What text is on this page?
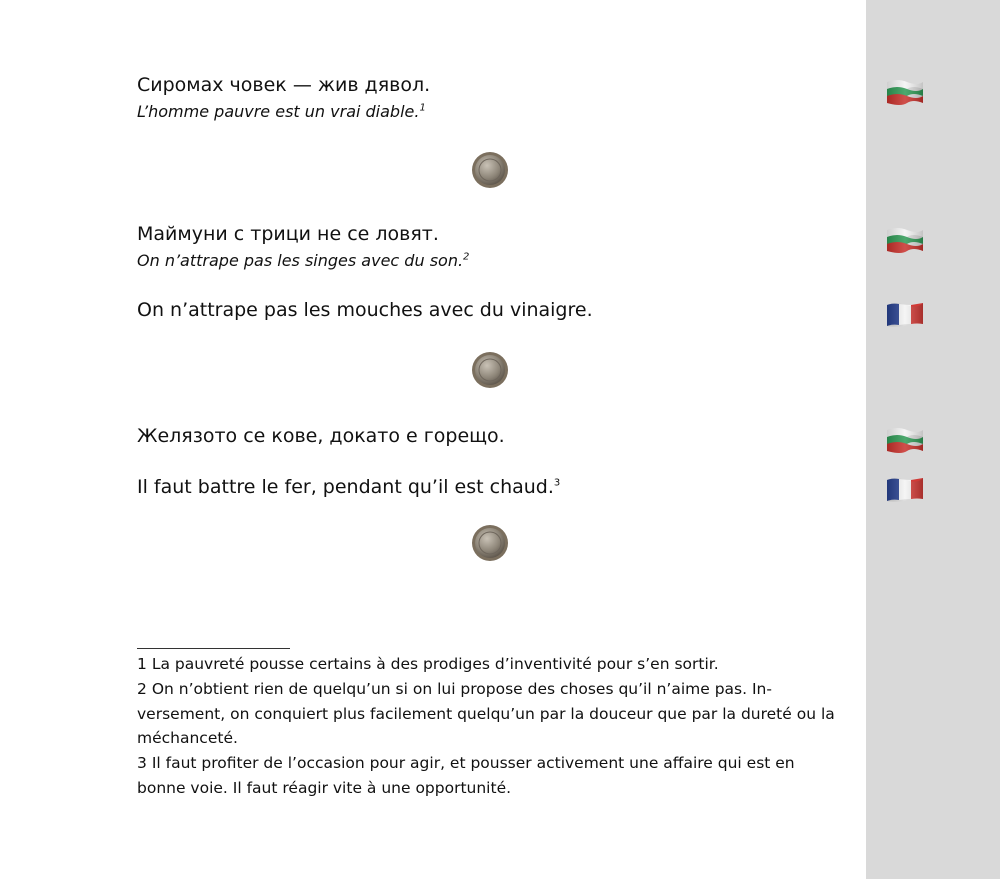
Сиромах човек — жив дявол.
L’homme pauvre est un vrai diable.$^1$
Маймуни с трици не се ловят.
On n’attrape pas les singes avec du son.$^2$
On n’attrape pas les mouches avec du vinaigre.
Желязото се кове, докато е горещо.
Il faut battre le fer, pendant qu’il est chaud.$^3$
1 La pauvreté pousse certains à des prodiges d’inventivité pour s’en sortir.
2 On n’obtient rien de quelqu’un si on lui propose des choses qu’il n’aime pas. In-versement, on conquiert plus facilement quelqu’un par la douceur que par la dureté ou la méchanceté.
3 Il faut profiter de l’occasion pour agir, et pousser activement une affaire qui est en bonne voie. Il faut réagir vite à une opportunité.
